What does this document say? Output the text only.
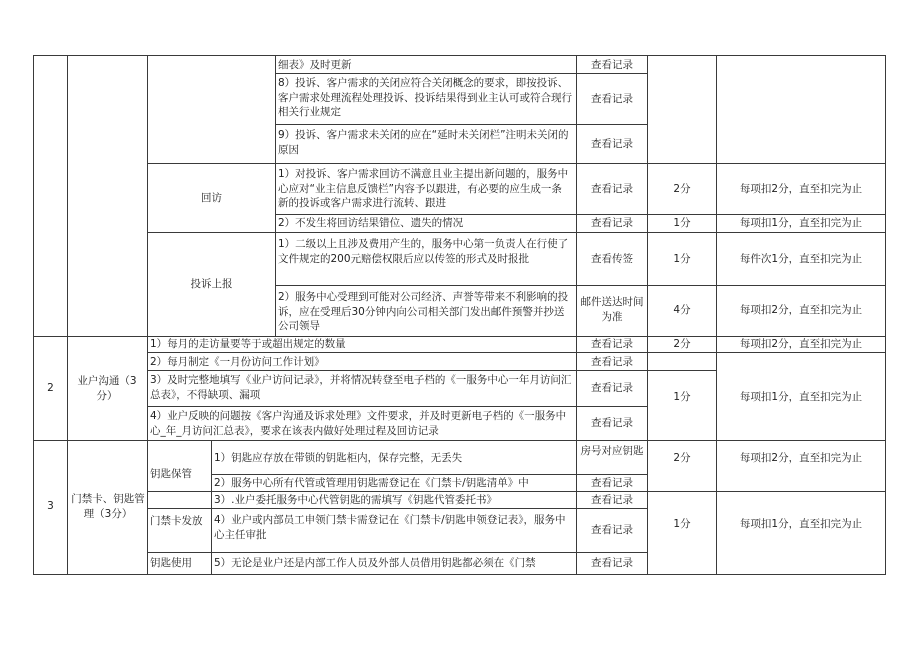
2
业户沟通（3分）
3
门禁卡、钥匙管理（3分）
回访
投诉上报
钥匙保管
门禁卡发放
钥匙使用
细表》及时更新
8）投诉、客户需求的关闭应符合关闭概念的要求，即按投诉、客户需求处理流程处理投诉、投诉结果得到业主认可或符合现行相关行业规定
9）投诉、客户需求未关闭的应在“延时未关闭栏”注明未关闭的原因
1）对投诉、客户需求回访不满意且业主提出新问题的，服务中心应对“业主信息反馈栏”内容予以跟进，有必要的应生成一条新的投诉或客户需求进行流转、跟进
2）不发生将回访结果错位、遗失的情况
1）二级以上且涉及费用产生的，服务中心第一负责人在行使了文件规定的200元赔偿权限后应以传签的形式及时报批
2）服务中心受理到可能对公司经济、声誉等带来不利影响的投诉，应在受理后30分钟内向公司相关部门发出邮件预警并抄送公司领导
1）每月的走访量要等于或超出规定的数量
2）每月制定《一月份访问工作计划》
3）及时完整地填写《业户访问记录》，并将情况转登至电子档的《一服务中心一年月访问汇总表》，不得缺项、漏项
4）业户反映的问题按《客户沟通及诉求处理》文件要求，并及时更新电子档的《一服务中心_年_月访问汇总表》，要求在该表内做好处理过程及回访记录
1）钥匙应存放在带锁的钥匙柜内，保存完整，无丢失
2）服务中心所有代管或管理用钥匙需登记在《门禁卡/钥匙清单》中
3）.业户委托服务中心代管钥匙的需填写《钥匙代管委托书》
4）业户或内部员工申领门禁卡需登记在《门禁卡/钥匙申领登记表》，服务中心主任审批
5）无论是业户还是内部工作人员及外部人员借用钥匙都必须在《门禁
查看记录
查看记录
查看记录
查看记录
查看记录
查看传签
邮件送达时间为准
查看记录
查看记录
查看记录
查看记录
房号对应钥匙
查看记录
查看记录
查看记录
查看记录
2分
1分
1分
4分
2分
1分
2分
1分
每项扣2分，直至扣完为止
每项扣1分，直至扣完为止
每件次1分，直至扣完为止
每项扣2分，直至扣完为止
每项扣2分，直至扣完为止
每项扣1分，直至扣完为止
每项扣2分，直至扣完为止
每项扣1分，直至扣完为止
